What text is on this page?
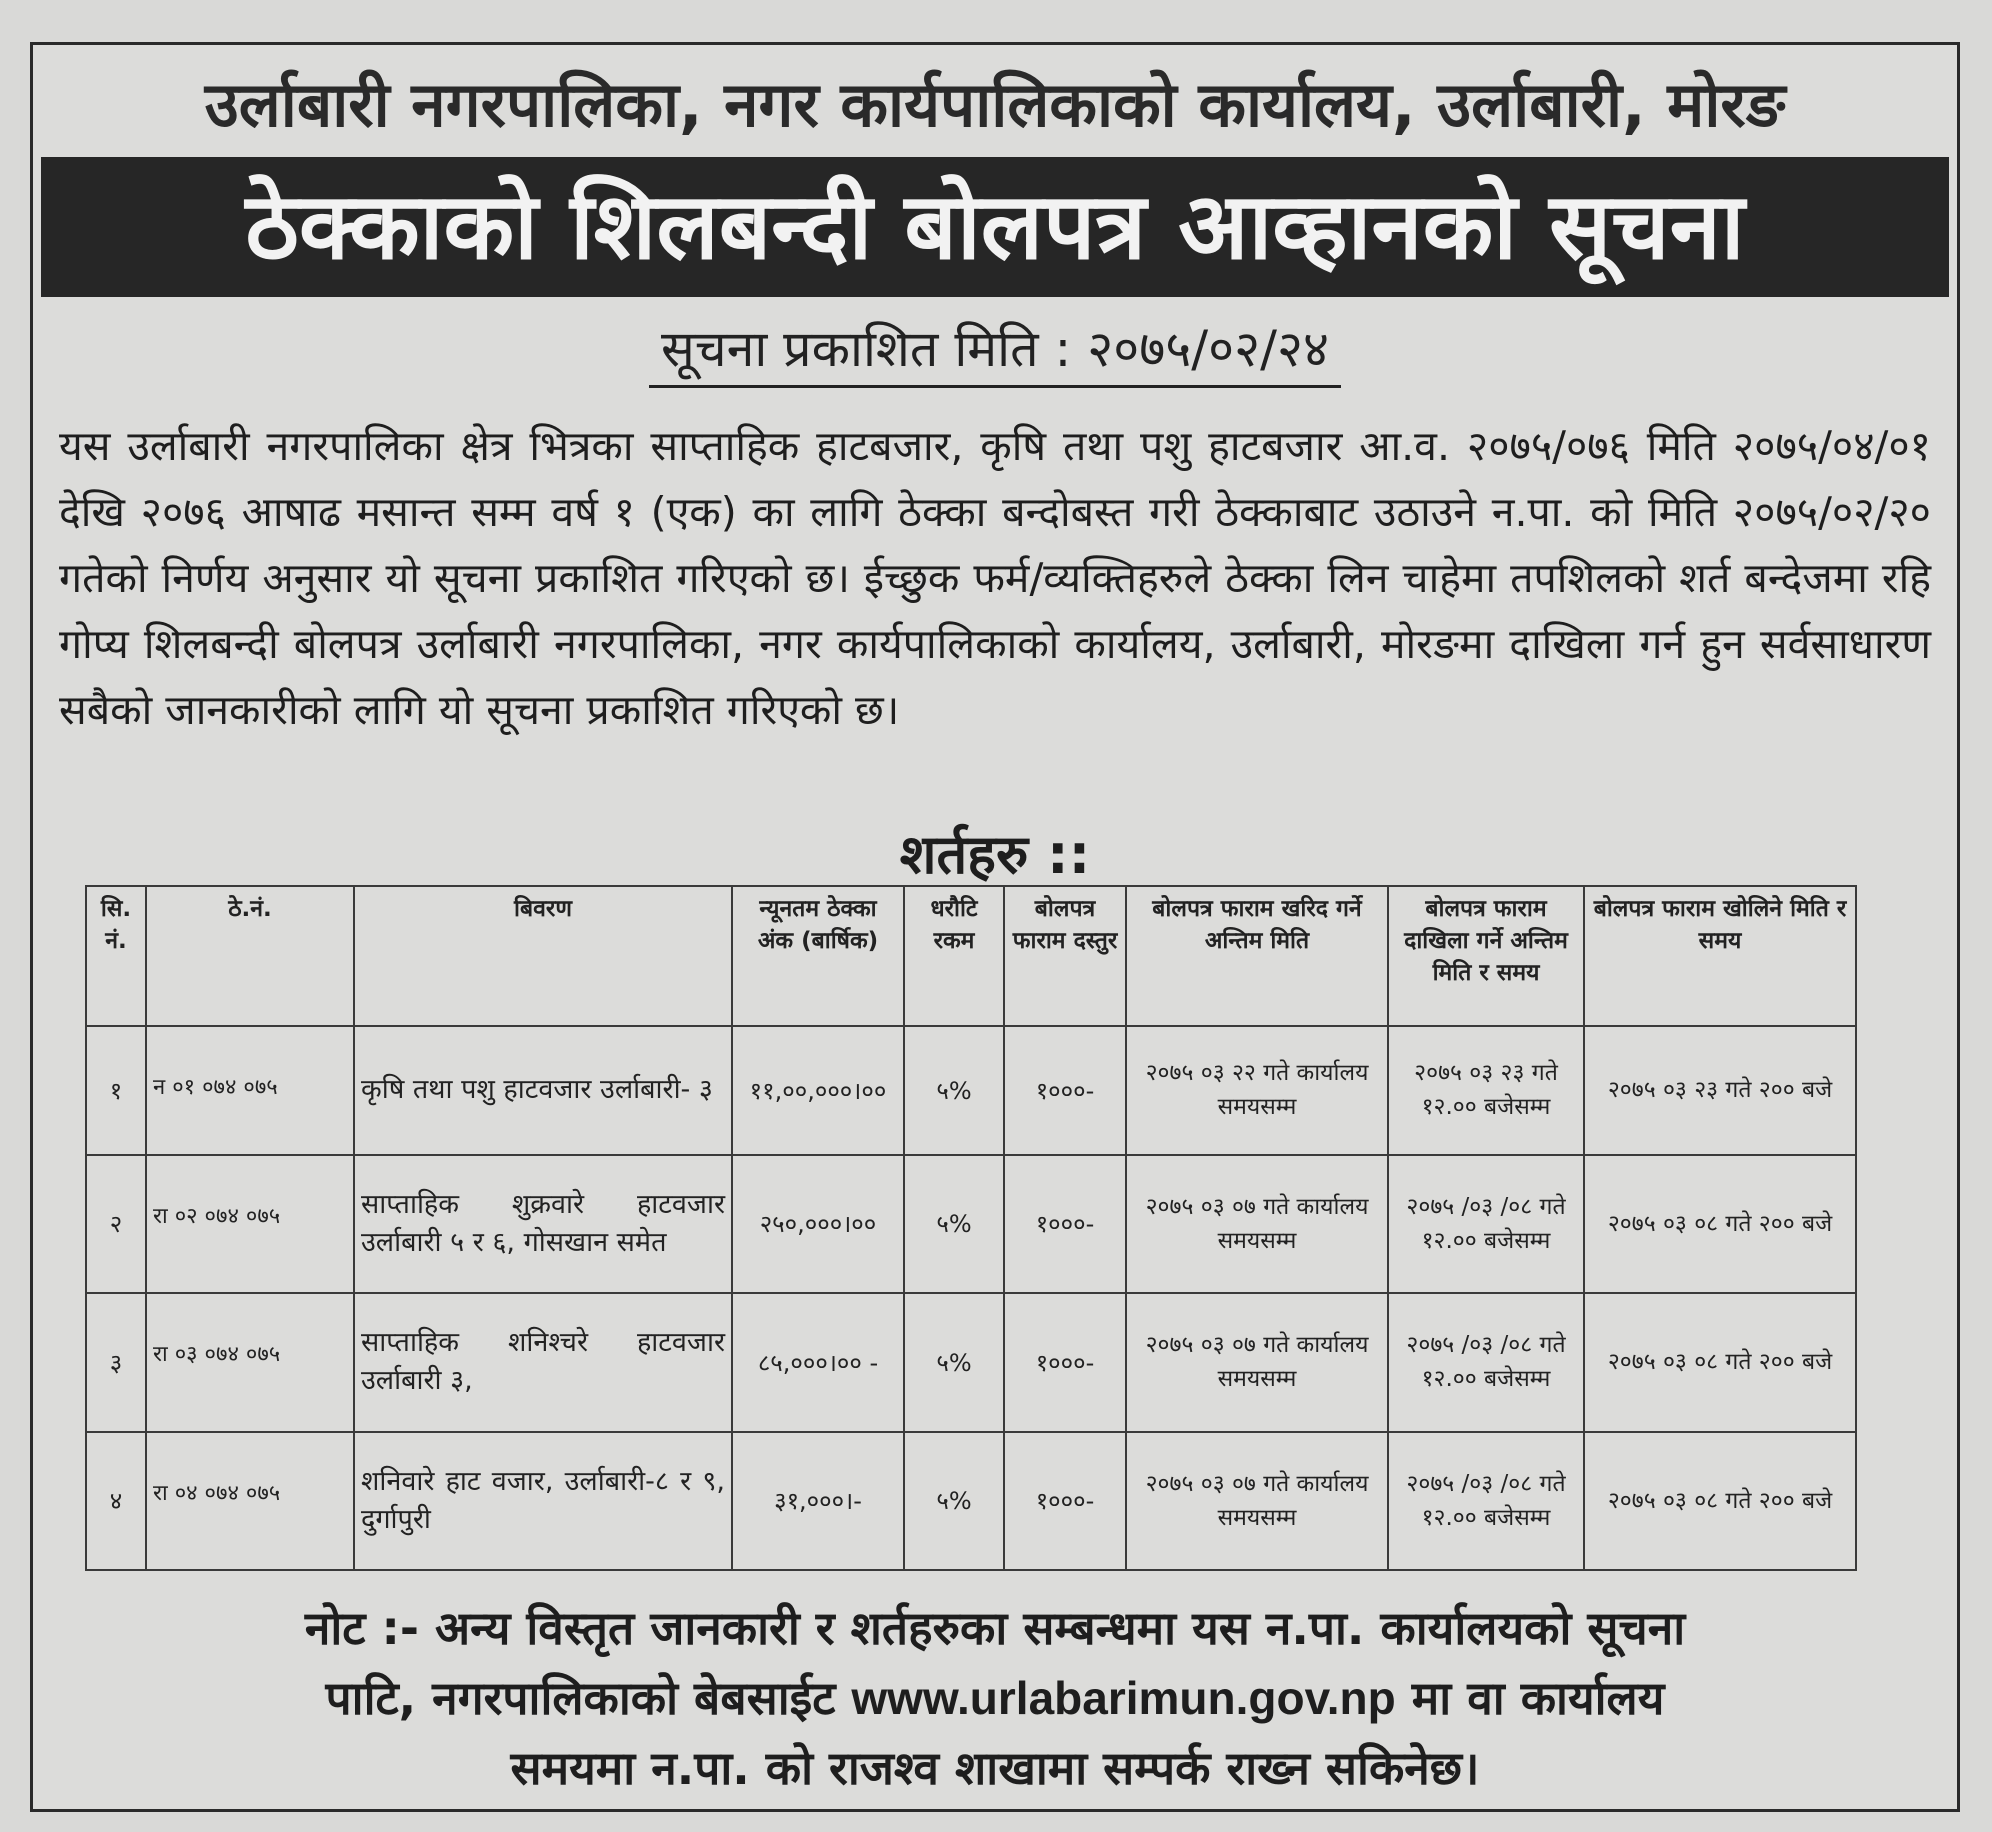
उर्लाबारी नगरपालिका, नगर कार्यपालिकाको कार्यालय, उर्लाबारी, मोरङ
ठेक्काको शिलबन्दी बोलपत्र आव्हानको सूचना
सूचना प्रकाशित मिति : २०७५/०२/२४
यस उर्लाबारी नगरपालिका क्षेत्र भित्रका साप्ताहिक हाटबजार, कृषि तथा पशु हाटबजार आ.व. २०७५/०७६ मिति २०७५/०४/०१ देखि २०७६ आषाढ मसान्त सम्म वर्ष १ (एक) का लागि ठेक्का बन्दोबस्त गरी ठेक्काबाट उठाउने न.पा. को मिति २०७५/०२/२० गतेको निर्णय अनुसार यो सूचना प्रकाशित गरिएको छ। ईच्छुक फर्म/व्यक्तिहरुले ठेक्का लिन चाहेमा तपशिलको शर्त बन्देजमा रहि गोप्य शिलबन्दी बोलपत्र उर्लाबारी नगरपालिका, नगर कार्यपालिकाको कार्यालय, उर्लाबारी, मोरङमा दाखिला गर्न हुन सर्वसाधारण सबैको जानकारीको लागि यो सूचना प्रकाशित गरिएको छ।
शर्तहरु ::
सि. नं.	ठे.नं.	बिवरण	न्यूनतम ठेक्का अंक (बार्षिक)	धरौटि रकम	बोलपत्र फाराम दस्तुर	बोलपत्र फाराम खरिद गर्ने अन्तिम मिति	बोलपत्र फाराम दाखिला गर्ने अन्तिम मिति र समय	बोलपत्र फाराम खोलिने मिति र समय
१	न ०१ ०७४ ०७५	कृषि तथा पशु हाटवजार उर्लाबारी- ३	११,००,०००।००	५%	१०००-	२०७५ ०३ २२ गते कार्यालय समयसम्म	२०७५ ०३ २३ गते १२.०० बजेसम्म	२०७५ ०३ २३ गते २०० बजे
२	रा ०२ ०७४ ०७५	साप्ताहिक शुक्रवारे हाटवजार उर्लाबारी ५ र ६, गोसखान समेत	२५०,०००।००	५%	१०००-	२०७५ ०३ ०७ गते कार्यालय समयसम्म	२०७५ /०३ /०८ गते १२.०० बजेसम्म	२०७५ ०३ ०८ गते २०० बजे
३	रा ०३ ०७४ ०७५	साप्ताहिक शनिश्चरे हाटवजार उर्लाबारी ३,	८५,०००।०० -	५%	१०००-	२०७५ ०३ ०७ गते कार्यालय समयसम्म	२०७५ /०३ /०८ गते १२.०० बजेसम्म	२०७५ ०३ ०८ गते २०० बजे
४	रा ०४ ०७४ ०७५	शनिवारे हाट वजार, उर्लाबारी-८ र ९, दुर्गापुरी	३१,०००।-	५%	१०००-	२०७५ ०३ ०७ गते कार्यालय समयसम्म	२०७५ /०३ /०८ गते १२.०० बजेसम्म	२०७५ ०३ ०८ गते २०० बजे
नोट :- अन्य विस्तृत जानकारी र शर्तहरुका सम्बन्धमा यस न.पा. कार्यालयको सूचना
पाटि, नगरपालिकाको बेबसाईट www.urlabarimun.gov.np मा वा कार्यालय
समयमा न.पा. को राजश्व शाखामा सम्पर्क राख्न सकिनेछ।
